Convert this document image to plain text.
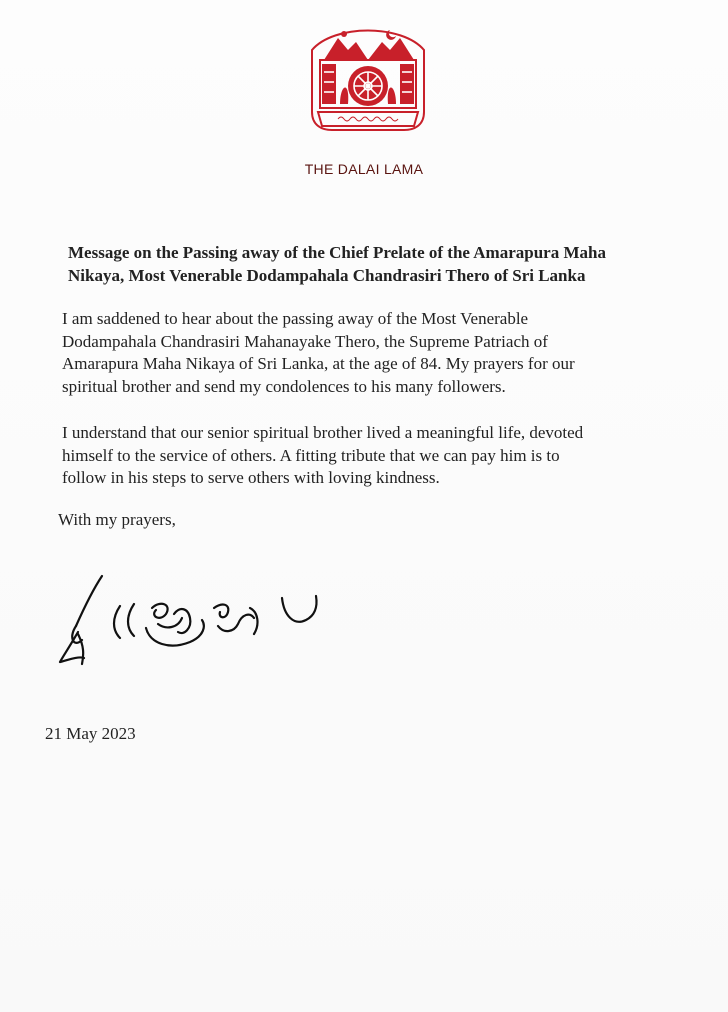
THE DALAI LAMA
Message on the Passing away of the Chief Prelate of the Amarapura Maha
Nikaya, Most Venerable Dodampahala Chandrasiri Thero of Sri Lanka
I am saddened to hear about the passing away of the Most Venerable
Dodampahala Chandrasiri Mahanayake Thero, the Supreme Patriach of
Amarapura Maha Nikaya of Sri Lanka, at the age of 84. My prayers for our
spiritual brother and send my condolences to his many followers.
I understand that our senior spiritual brother lived a meaningful life, devoted
himself to the service of others. A fitting tribute that we can pay him is to
follow in his steps to serve others with loving kindness.
With my prayers,
21 May 2023
